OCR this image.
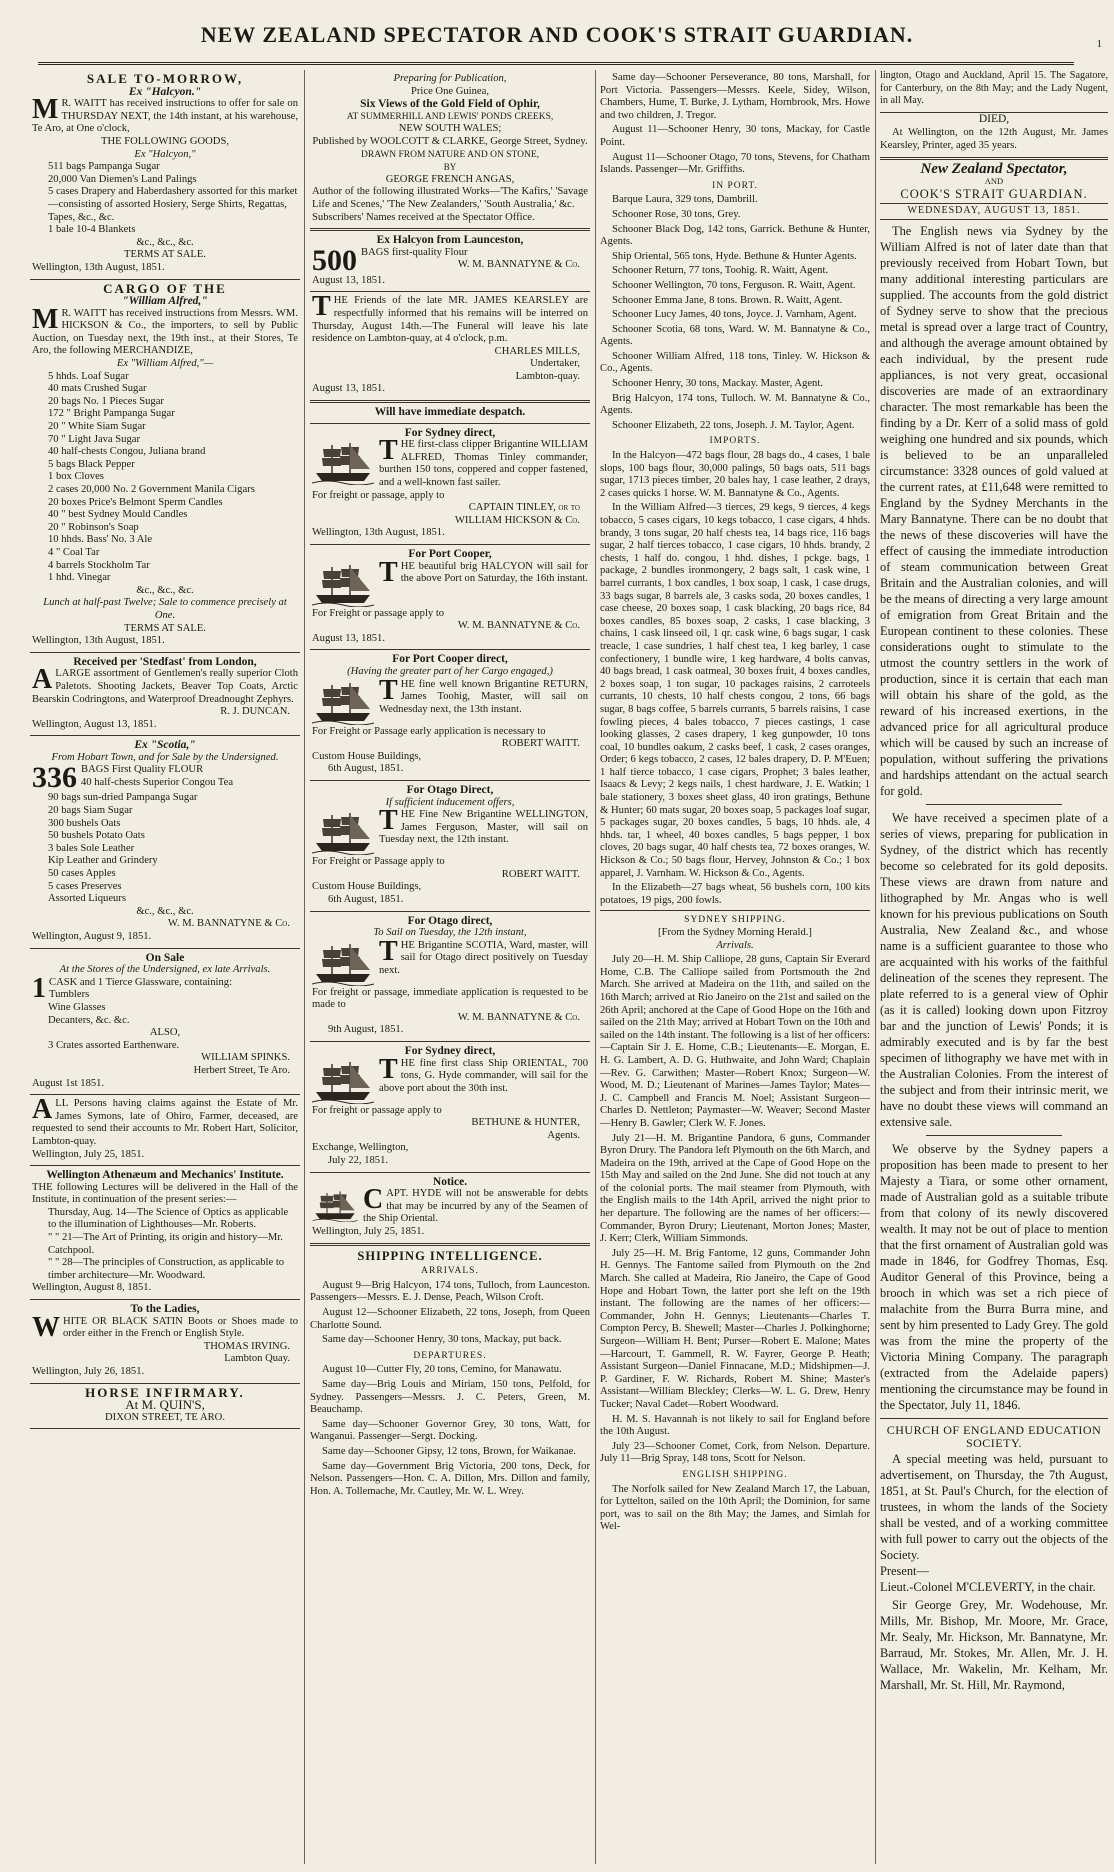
NEW ZEALAND SPECTATOR AND COOK'S STRAIT GUARDIAN.	1
SALE TO-MORROW,
Ex "Halcyon."
M R. WAITT has received instructions to offer for sale on THURSDAY NEXT, the 14th instant, at his warehouse, Te Aro, at One o'clock,
THE FOLLOWING GOODS,
Ex "Halcyon,"
511 bags Pampanga Sugar
20,000 Van Diemen's Land Palings
5 cases Drapery and Haberdashery assorted for this market—consisting of assorted Hosiery, Serge Shirts, Regattas, Tapes, &c., &c.
1 bale 10-4 Blankets
&c., &c., &c.
TERMS AT SALE.
Wellington, 13th August, 1851.
CARGO OF THE
"William Alfred,"
M R. WAITT has received instructions from Messrs. WM. HICKSON & Co., the importers, to sell by Public Auction, on Tuesday next, the 19th inst., at their Stores, Te Aro, the following MERCHANDIZE,
Ex "William Alfred,"—
5 hhds. Loaf Sugar
40 mats Crushed Sugar
20 bags No. 1 Pieces Sugar
172 " Bright Pampanga Sugar
20 " White Siam Sugar
70 " Light Java Sugar
40 half-chests Congou, Juliana brand
5 bags Black Pepper
1 box Cloves
2 cases 20,000 No. 2 Government Manila Cigars
20 boxes Price's Belmont Sperm Candles
40 " best Sydney Mould Candles
20 " Robinson's Soap
10 hhds. Bass' No. 3 Ale
4 " Coal Tar
4 barrels Stockholm Tar
1 hhd. Vinegar
&c., &c., &c.
Lunch at half-past Twelve; Sale to commence precisely at One.
TERMS AT SALE.
Wellington, 13th August, 1851.
Received per 'Stedfast' from London,
ALARGE assortment of Gentlemen's really superior Cloth Paletots. Shooting Jackets, Beaver Top Coats, Arctic Bearskin Codringtons, and Waterproof Dreadnought Zephyrs.
R. J. DUNCAN.
Wellington, August 13, 1851.
Ex "Scotia,"
From Hobart Town, and for Sale by the Undersigned.
336 BAGS First Quality FLOUR
40 half-chests Superior Congou Tea
90 bags sun-dried Pampanga Sugar
20 bags Siam Sugar
300 bushels Oats
50 bushels Potato Oats
3 bales Sole Leather
Kip Leather and Grindery
50 cases Apples
5 cases Preserves
Assorted Liqueurs
&c., &c., &c.
W. M. BANNATYNE & Co.
Wellington, August 9, 1851.
On Sale
At the Stores of the Undersigned, ex late Arrivals.
1 CASK and 1 Tierce Glassware, containing:
Tumblers
Wine Glasses
Decanters, &c. &c.
ALSO,
3 Crates assorted Earthenware.
WILLIAM SPINKS.
Herbert Street, Te Aro.
August 1st 1851.
ALL Persons having claims against the Estate of Mr. James Symons, late of Ohiro, Farmer, deceased, are requested to send their accounts to Mr. Robert Hart, Solicitor, Lambton-quay.
Wellington, July 25, 1851.
Wellington Athenæum and Mechanics' Institute.
THE following Lectures will be delivered in the Hall of the Institute, in continuation of the present series:—
Thursday, Aug. 14—The Science of Optics as applicable to the illumination of Lighthouses—Mr. Roberts.
" " 21—The Art of Printing, its origin and history—Mr. Catchpool.
" " 28—The principles of Construction, as applicable to timber architecture—Mr. Woodward.
Wellington, August 8, 1851.
To the Ladies,
WHITE OR BLACK SATIN Boots or Shoes made to order either in the French or English Style.
THOMAS IRVING.
Lambton Quay.
Wellington, July 26, 1851.
HORSE INFIRMARY.
At M. QUIN'S,
DIXON STREET, TE ARO.
Preparing for Publication,
Price One Guinea,
Six Views of the Gold Field of Ophir,
AT SUMMERHILL AND LEWIS' PONDS CREEKS,
NEW SOUTH WALES;
Published by WOOLCOTT & CLARKE, George Street, Sydney.
DRAWN FROM NATURE AND ON STONE,
BY
GEORGE FRENCH ANGAS,
Author of the following illustrated Works—'The Kafirs,' 'Savage Life and Scenes,' 'The New Zealanders,' 'South Australia,' &c.
Subscribers' Names received at the Spectator Office.
Ex Halcyon from Launceston,
500 BAGS first-quality Flour
W. M. BANNATYNE & Co.
August 13, 1851.
THE Friends of the late MR. JAMES KEARSLEY are respectfully informed that his remains will be interred on Thursday, August 14th.—The Funeral will leave his late residence on Lambton-quay, at 4 o'clock, p.m.
CHARLES MILLS,
Undertaker,
Lambton-quay.
August 13, 1851.
Will have immediate despatch.
For Sydney direct,
THE first-class clipper Brigantine WILLIAM ALFRED, Thomas Tinley commander, burthen 150 tons, coppered and copper fastened, and a well-known fast sailer.
For freight or passage, apply to
CAPTAIN TINLEY, or to
WILLIAM HICKSON & Co.
Wellington, 13th August, 1851.
For Port Cooper,
THE beautiful brig HALCYON will sail for the above Port on Saturday, the 16th instant.
For Freight or passage apply to
W. M. BANNATYNE & Co.
August 13, 1851.
For Port Cooper direct,
(Having the greater part of her Cargo engaged,)
THE fine well known Brigantine RETURN, James Toohig, Master, will sail on Wednesday next, the 13th instant.
For Freight or Passage early application is necessary to
ROBERT WAITT.
Custom House Buildings,
6th August, 1851.
For Otago Direct,
If sufficient inducement offers,
THE Fine New Brigantine WELLINGTON, James Ferguson, Master, will sail on Tuesday next, the 12th instant.
For Freight or Passage apply to
ROBERT WAITT.
Custom House Buildings,
6th August, 1851.
For Otago direct,
To Sail on Tuesday, the 12th instant,
THE Brigantine SCOTIA, Ward, master, will sail for Otago direct positively on Tuesday next.
For freight or passage, immediate application is requested to be made to
W. M. BANNATYNE & Co.
9th August, 1851.
For Sydney direct,
THE fine first class Ship ORIENTAL, 700 tons, G. Hyde commander, will sail for the above port about the 30th inst.
For freight or passage apply to
BETHUNE & HUNTER,
Agents.
Exchange, Wellington,
July 22, 1851.
Notice.
CAPT. HYDE will not be answerable for debts that may be incurred by any of the Seamen of the Ship Oriental.
Wellington, July 25, 1851.
SHIPPING INTELLIGENCE.
ARRIVALS.
August 9—Brig Halcyon, 174 tons, Tulloch, from Launceston. Passengers—Messrs. E. J. Dense, Peach, Wilson Croft.
August 12—Schooner Elizabeth, 22 tons, Joseph, from Queen Charlotte Sound.
Same day—Schooner Henry, 30 tons, Mackay, put back.
DEPARTURES.
August 10—Cutter Fly, 20 tons, Cemino, for Manawatu.
Same day—Brig Louis and Miriam, 150 tons, Pelfold, for Sydney. Passengers—Messrs. J. C. Peters, Green, M. Beauchamp.
Same day—Schooner Governor Grey, 30 tons, Watt, for Wanganui. Passenger—Sergt. Docking.
Same day—Schooner Gipsy, 12 tons, Brown, for Waikanae.
Same day—Government Brig Victoria, 200 tons, Deck, for Nelson. Passengers—Hon. C. A. Dillon, Mrs. Dillon and family, Hon. A. Tollemache, Mr. Cautley, Mr. W. L. Wrey.
Same day—Schooner Perseverance, 80 tons, Marshall, for Port Victoria. Passengers—Messrs. Keele, Sidey, Wilson, Chambers, Hume, T. Burke, J. Lytham, Hornbrook, Mrs. Howe and two children, J. Tregor.
August 11—Schooner Henry, 30 tons, Mackay, for Castle Point.
August 11—Schooner Otago, 70 tons, Stevens, for Chatham Islands. Passenger—Mr. Griffiths.
IN PORT.
Barque Laura, 329 tons, Dambrill.
Schooner Rose, 30 tons, Grey.
Schooner Black Dog, 142 tons, Garrick. Bethune & Hunter, Agents.
Ship Oriental, 565 tons, Hyde. Bethune & Hunter Agents.
Schooner Return, 77 tons, Toohig. R. Waitt, Agent.
Schooner Wellington, 70 tons, Ferguson. R. Waitt, Agent.
Schooner Emma Jane, 8 tons. Brown. R. Waitt, Agent.
Schooner Lucy James, 40 tons, Joyce. J. Varnham, Agent.
Schooner Scotia, 68 tons, Ward. W. M. Bannatyne & Co., Agents.
Schooner William Alfred, 118 tons, Tinley. W. Hickson & Co., Agents.
Schooner Henry, 30 tons, Mackay. Master, Agent.
Brig Halcyon, 174 tons, Tulloch. W. M. Bannatyne & Co., Agents.
Schooner Elizabeth, 22 tons, Joseph. J. M. Taylor, Agent.
IMPORTS.
In the Halcyon—472 bags flour, 28 bags do., 4 cases, 1 bale slops, 100 bags flour, 30,000 palings, 50 bags oats, 511 bags sugar, 1713 pieces timber, 20 bales hay, 1 case leather, 2 drays, 2 cases quicks 1 horse. W. M. Bannatyne & Co., Agents.
In the William Alfred—3 tierces, 29 kegs, 9 tierces, 4 kegs tobacco, 5 cases cigars, 10 kegs tobacco, 1 case cigars, 4 hhds. brandy, 3 tons sugar, 20 half chests tea, 14 bags rice, 116 bags sugar, 2 half tierces tobacco, 1 case cigars, 10 hhds. brandy, 2 chests, 1 half do. congou, 1 hhd. dishes, 1 pckge. bags, 1 package, 2 bundles ironmongery, 2 bags salt, 1 cask wine, 1 barrel currants, 1 box candles, 1 box soap, 1 cask, 1 case drugs, 33 bags sugar, 8 barrels ale, 3 casks soda, 20 boxes candles, 1 case cheese, 20 boxes soap, 1 cask blacking, 20 bags rice, 84 boxes candles, 85 boxes soap, 2 casks, 1 case blacking, 3 chains, 1 cask linseed oil, 1 qr. cask wine, 6 bags sugar, 1 cask treacle, 1 case sundries, 1 half chest tea, 1 keg barley, 1 case confectionery, 1 bundle wire, 1 keg hardware, 4 bolts canvas, 40 bags bread, 1 cask oatmeal, 30 boxes fruit, 4 boxes candles, 2 boxes soap, 1 ton sugar, 10 packages raisins, 2 carroteels currants, 10 chests, 10 half chests congou, 2 tons, 66 bags sugar, 8 bags coffee, 5 barrels currants, 5 barrels raisins, 1 case fowling pieces, 4 bales tobacco, 7 pieces castings, 1 case looking glasses, 2 cases drapery, 1 keg gunpowder, 10 tons coal, 10 bundles oakum, 2 casks beef, 1 cask, 2 cases oranges, Order; 6 kegs tobacco, 2 cases, 12 bales drapery, D. P. M'Euen; 1 half tierce tobacco, 1 case cigars, Prophet; 3 bales leather, Isaacs & Levy; 2 kegs nails, 1 chest hardware, J. E. Watkin; 1 bale stationery, 3 boxes sheet glass, 40 iron gratings, Bethune & Hunter; 60 mats sugar, 20 boxes soap, 5 packages loaf sugar, 5 packages sugar, 20 boxes candles, 5 bags, 10 hhds. ale, 4 hhds. tar, 1 wheel, 40 boxes candles, 5 bags pepper, 1 box cloves, 20 bags sugar, 40 half chests tea, 72 boxes oranges, W. Hickson & Co.; 50 bags flour, Hervey, Johnston & Co.; 1 box apparel, J. Varnham. W. Hickson & Co., Agents.
In the Elizabeth—27 bags wheat, 56 bushels corn, 100 kits potatoes, 19 pigs, 200 fowls.
SYDNEY SHIPPING.
[From the Sydney Morning Herald.]
Arrivals.
July 20—H. M. Ship Calliope, 28 guns, Captain Sir Everard Home, C.B. The Calliope sailed from Portsmouth the 2nd March. She arrived at Madeira on the 11th, and sailed on the 16th March; arrived at Rio Janeiro on the 21st and sailed on the 26th April; anchored at the Cape of Good Hope on the 16th and sailed on the 21th May; arrived at Hobart Town on the 10th and sailed on the 14th instant. The following is a list of her officers:—Captain Sir J. E. Home, C.B.; Lieutenants—E. Morgan, E. H. G. Lambert, A. D. G. Huthwaite, and John Ward; Chaplain—Rev. G. Carwithen; Master—Robert Knox; Surgeon—W. Wood, M. D.; Lieutenant of Marines—James Taylor; Mates—J. C. Campbell and Francis M. Noel; Assistant Surgeon—Charles D. Nettleton; Paymaster—W. Weaver; Second Master—Henry B. Gawler; Clerk W. F. Jones.
July 21—H. M. Brigantine Pandora, 6 guns, Commander Byron Drury. The Pandora left Plymouth on the 6th March, and Madeira on the 19th, arrived at the Cape of Good Hope on the 15th May and sailed on the 2nd June. She did not touch at any of the colonial ports. The mail steamer from Plymouth, with the English mails to the 14th April, arrived the night prior to her departure. The following are the names of her officers:—Commander, Byron Drury; Lieutenant, Morton Jones; Master, J. Kerr; Clerk, William Simmonds.
July 25—H. M. Brig Fantome, 12 guns, Commander John H. Gennys. The Fantome sailed from Plymouth on the 2nd March. She called at Madeira, Rio Janeiro, the Cape of Good Hope and Hobart Town, the latter port she left on the 19th instant. The following are the names of her officers:—Commander, John H. Gennys; Lieutenants—Charles T. Compton Percy, B. Shewell; Master—Charles J. Polkinghorne; Surgeon—William H. Bent; Purser—Robert E. Malone; Mates—Harcourt, T. Gammell, R. W. Fayrer, George P. Heath; Assistant Surgeon—Daniel Finnacane, M.D.; Midshipmen—J. P. Gardiner, F. W. Richards, Robert M. Shine; Master's Assistant—William Bleckley; Clerks—W. L. G. Drew, Henry Tucker; Naval Cadet—Robert Woodward.
H. M. S. Havannah is not likely to sail for England before the 10th August.
July 23—Schooner Comet, Cork, from Nelson. Departure. July 11—Brig Spray, 148 tons, Scott for Nelson.
ENGLISH SHIPPING.
The Norfolk sailed for New Zealand March 17, the Labuan, for Lyttelton, sailed on the 10th April; the Dominion, for same port, was to sail on the 8th May; the James, and Simlah for Wel-
lington, Otago and Auckland, April 15. The Sagatore, for Canterbury, on the 8th May; and the Lady Nugent, in all May.
DIED,
At Wellington, on the 12th August, Mr. James Kearsley, Printer, aged 35 years.
New Zealand Spectator,
AND
COOK'S STRAIT GUARDIAN.
WEDNESDAY, AUGUST 13, 1851.
The English news via Sydney by the William Alfred is not of later date than that previously received from Hobart Town, but many additional interesting particulars are supplied. The accounts from the gold district of Sydney serve to show that the precious metal is spread over a large tract of Country, and although the average amount obtained by each individual, by the present rude appliances, is not very great, occasional discoveries are made of an extraordinary character. The most remarkable has been the finding by a Dr. Kerr of a solid mass of gold weighing one hundred and six pounds, which is believed to be an unparalleled circumstance: 3328 ounces of gold valued at the current rates, at £11,648 were remitted to England by the Sydney Merchants in the Mary Bannatyne. There can be no doubt that the news of these discoveries will have the effect of causing the immediate introduction of steam communication between Great Britain and the Australian colonies, and will be the means of directing a very large amount of emigration from Great Britain and the European continent to these colonies. These considerations ought to stimulate to the utmost the country settlers in the work of production, since it is certain that each man will obtain his share of the gold, as the reward of his increased exertions, in the advanced price for all agricultural produce which will be caused by such an increase of population, without suffering the privations and hardships attendant on the actual search for gold.
We have received a specimen plate of a series of views, preparing for publication in Sydney, of the district which has recently become so celebrated for its gold deposits. These views are drawn from nature and lithographed by Mr. Angas who is well known for his previous publications on South Australia, New Zealand &c., and whose name is a sufficient guarantee to those who are acquainted with his works of the faithful delineation of the scenes they represent. The plate referred to is a general view of Ophir (as it is called) looking down upon Fitzroy bar and the junction of Lewis' Ponds; it is admirably executed and is by far the best specimen of lithography we have met with in the Australian Colonies. From the interest of the subject and from their intrinsic merit, we have no doubt these views will command an extensive sale.
We observe by the Sydney papers a proposition has been made to present to her Majesty a Tiara, or some other ornament, made of Australian gold as a suitable tribute from that colony of its newly discovered wealth. It may not be out of place to mention that the first ornament of Australian gold was made in 1846, for Godfrey Thomas, Esq. Auditor General of this Province, being a brooch in which was set a rich piece of malachite from the Burra Burra mine, and sent by him presented to Lady Grey. The gold was from the mine the property of the Victoria Mining Company. The paragraph (extracted from the Adelaide papers) mentioning the circumstance may be found in the Spectator, July 11, 1846.
CHURCH OF ENGLAND EDUCATION SOCIETY.
A special meeting was held, pursuant to advertisement, on Thursday, the 7th August, 1851, at St. Paul's Church, for the election of trustees, in whom the lands of the Society shall be vested, and of a working committee with full power to carry out the objects of the Society.
Present—
Lieut.-Colonel M'CLEVERTY, in the chair.
Sir George Grey, Mr. Wodehouse, Mr. Mills, Mr. Bishop, Mr. Moore, Mr. Grace, Mr. Sealy, Mr. Hickson, Mr. Bannatyne, Mr. Barraud, Mr. Stokes, Mr. Allen, Mr. J. H. Wallace, Mr. Wakelin, Mr. Kelham, Mr. Marshall, Mr. St. Hill, Mr. Raymond,
